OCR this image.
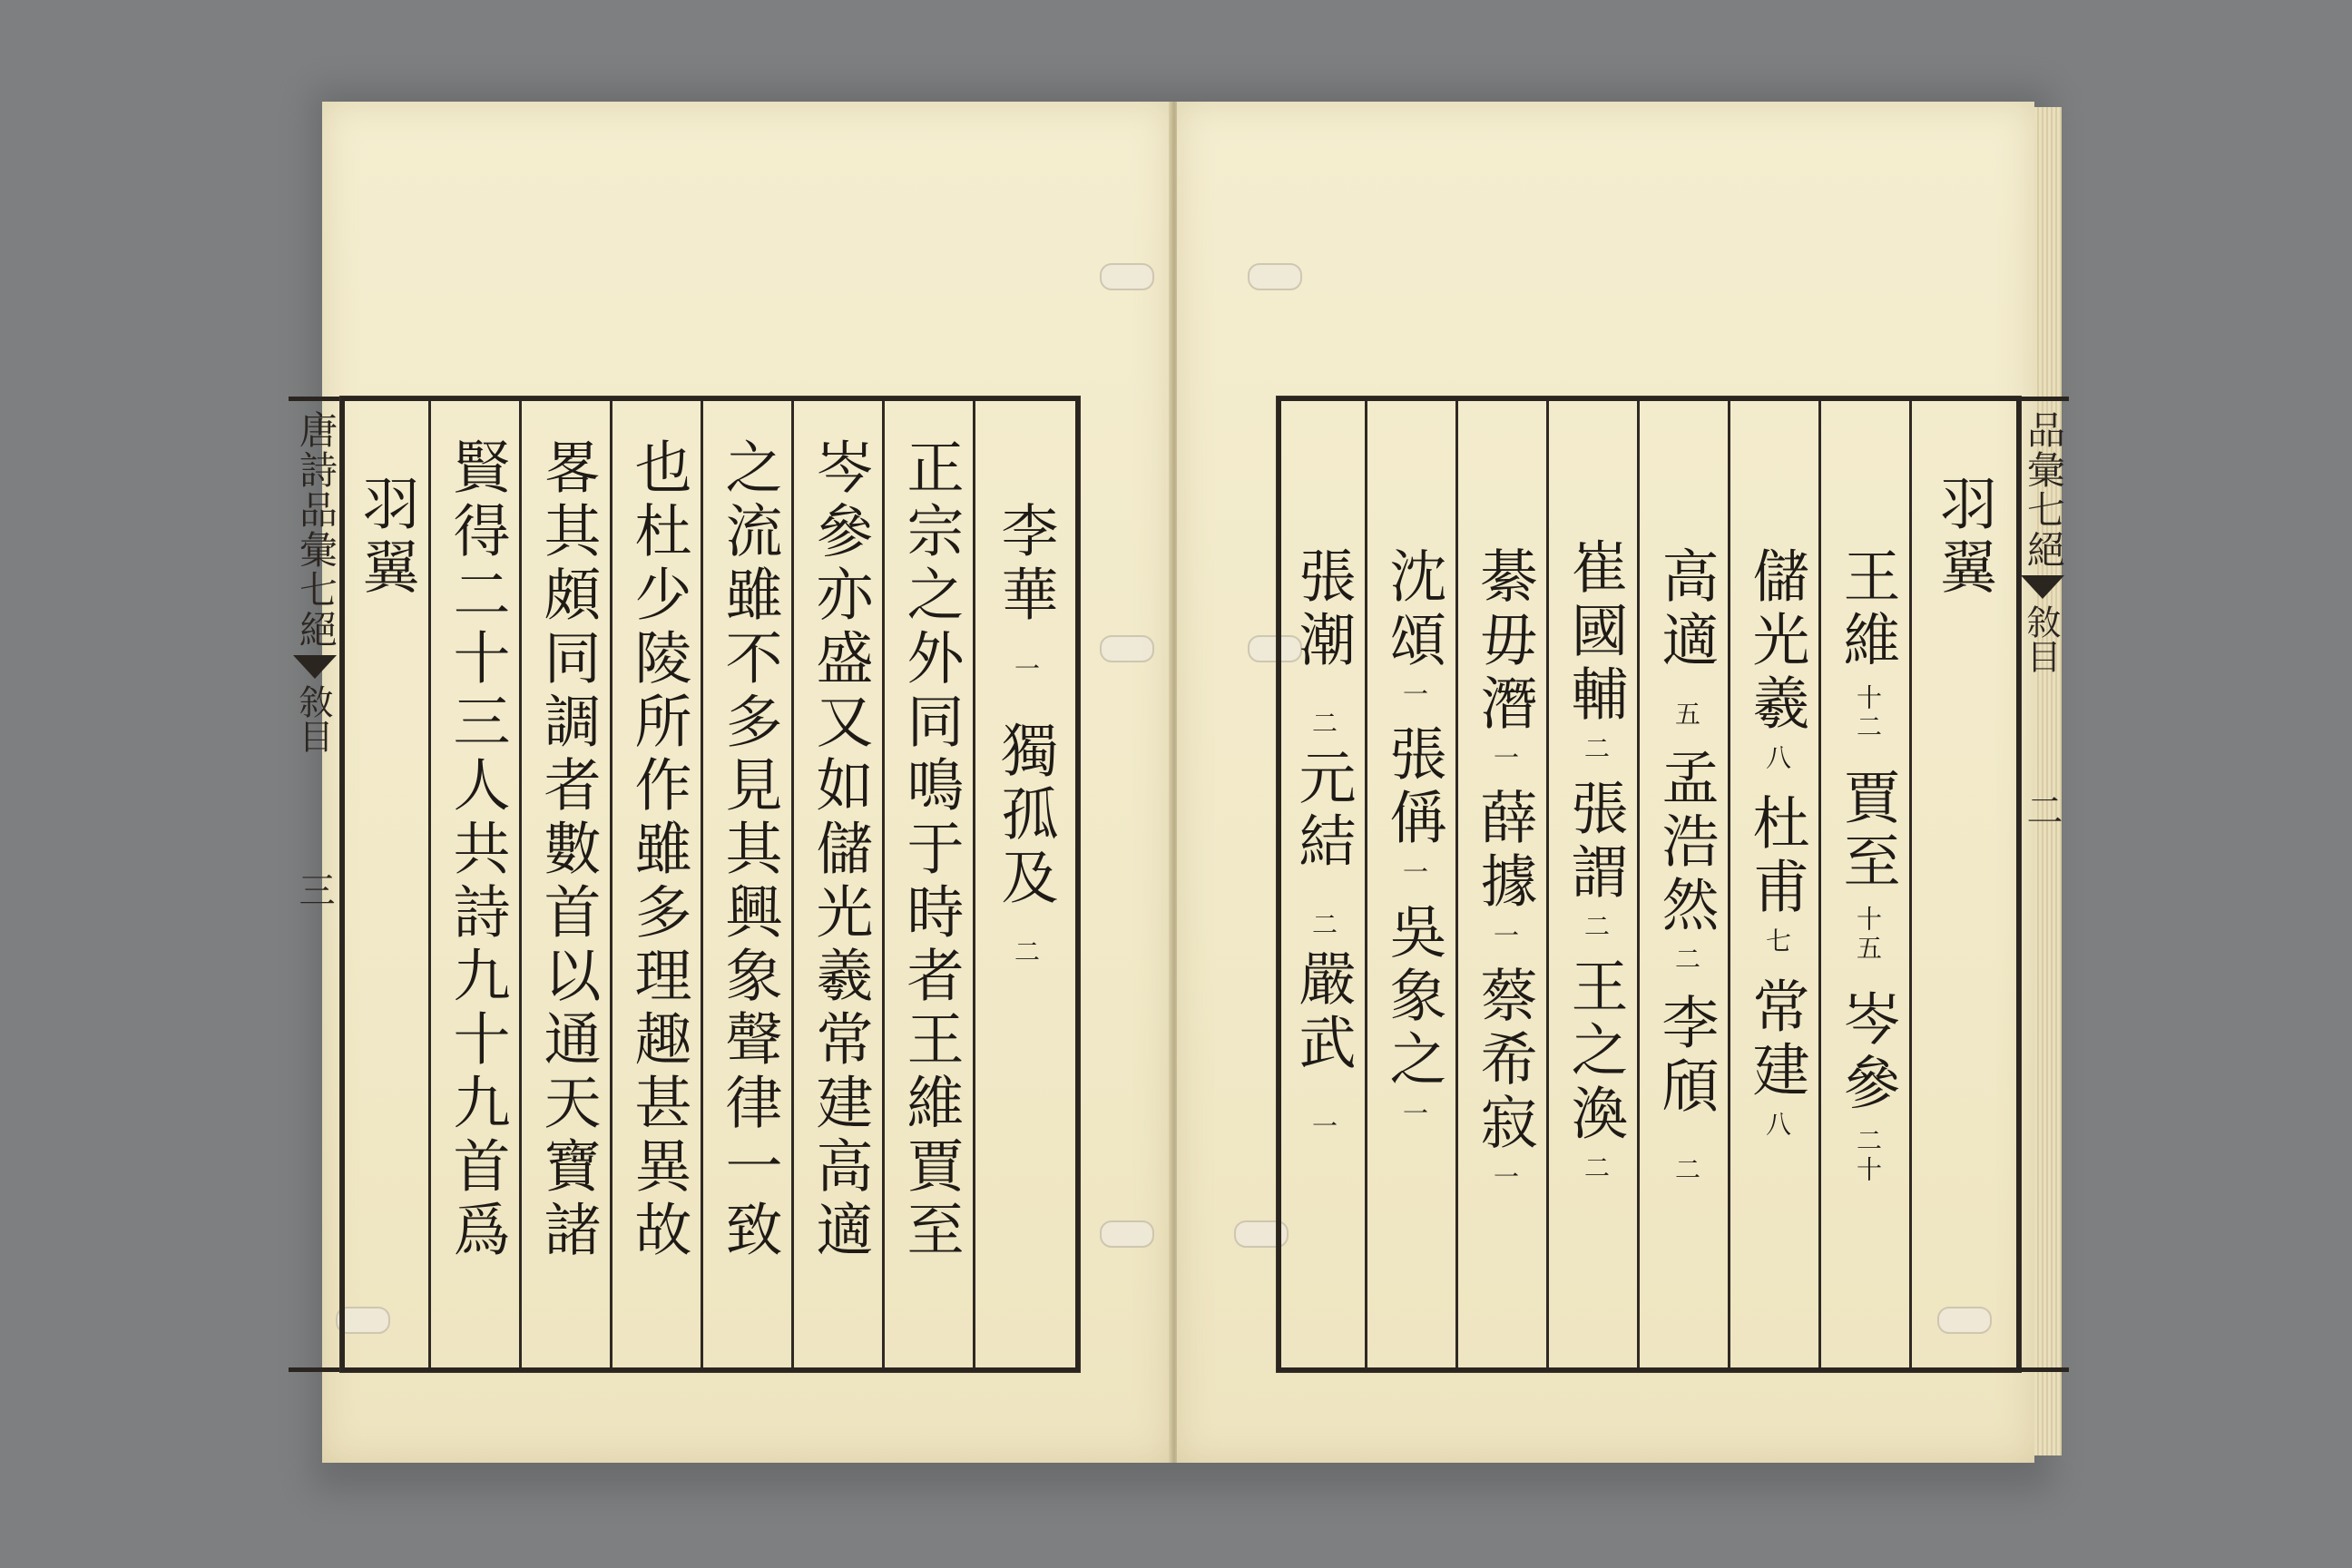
唐詩品彙七絕
敘目
三
李華
一
獨孤及
二
正宗之外同鳴于時者王維賈至
岑參亦盛又如儲光羲常建高適
之流雖不多見其興象聲律一致
也杜少陵所作雖多理趣甚異故
畧其頗同調者數首以通天寶諸
賢得二十三人共詩九十九首爲
羽翼	羽翼
王維
十二
賈至
十五
岑參
二十
儲光羲
八
杜甫
七
常建
八
高適
五
孟浩然
二
李頎
二
崔國輔
二
張謂
二
王之渙
二
綦毋潛
一
薛據
一
蔡希寂
一
沈頌
一
張偁
一
吳象之
一
張潮
二
元結
二
嚴武
一
品彙七絕
敘目
二
